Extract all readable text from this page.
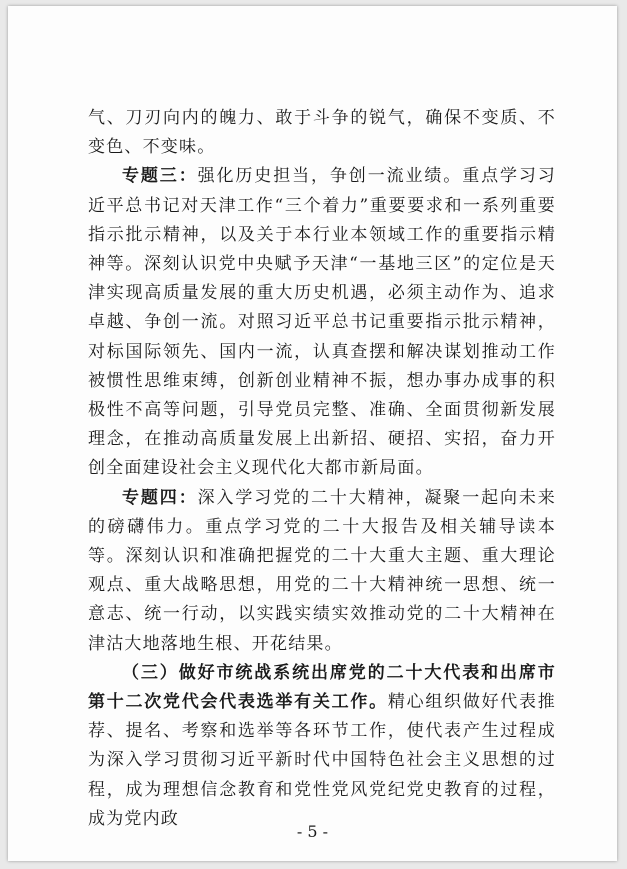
气、刀刃向内的魄力、敢于斗争的锐气，确保不变质、不变色、不变味。

专题三：强化历史担当，争创一流业绩。重点学习习近平总书记对天津工作“三个着力”重要要求和一系列重要指示批示精神，以及关于本行业本领域工作的重要指示精神等。深刻认识党中央赋予天津“一基地三区”的定位是天津实现高质量发展的重大历史机遇，必须主动作为、追求卓越、争创一流。对照习近平总书记重要指示批示精神，对标国际领先、国内一流，认真查摆和解决谋划推动工作被惯性思维束缚，创新创业精神不振，想办事办成事的积极性不高等问题，引导党员完整、准确、全面贯彻新发展理念，在推动高质量发展上出新招、硬招、实招，奋力开创全面建设社会主义现代化大都市新局面。

专题四：深入学习党的二十大精神，凝聚一起向未来的磅礴伟力。重点学习党的二十大报告及相关辅导读本等。深刻认识和准确把握党的二十大重大主题、重大理论观点、重大战略思想，用党的二十大精神统一思想、统一意志、统一行动，以实践实绩实效推动党的二十大精神在津沽大地落地生根、开花结果。

（三）做好市统战系统出席党的二十大代表和出席市第十二次党代会代表选举有关工作。精心组织做好代表推荐、提名、考察和选举等各环节工作，使代表产生过程成为深入学习贯彻习近平新时代中国特色社会主义思想的过程，成为理想信念教育和党性党风党纪党史教育的过程，成为党内政

- 5 -
